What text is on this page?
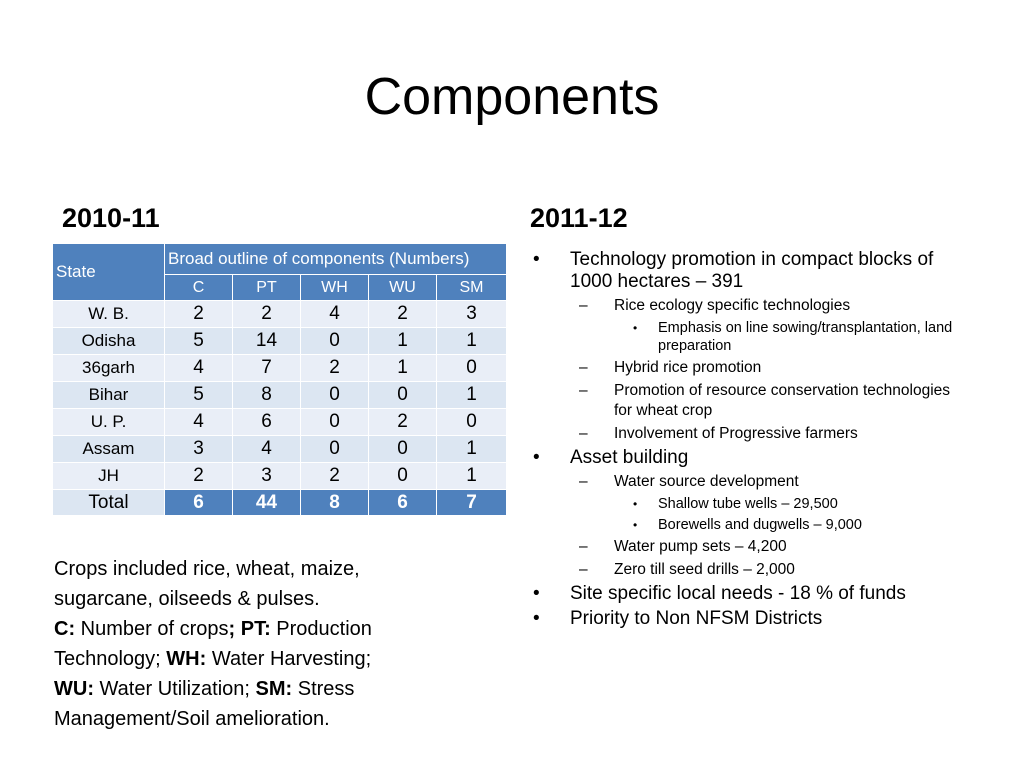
Components
2010-11	2011-12
State	Broad outline of components (Numbers)				
	C	PT	WH	WU	SM
W. B.	2	2	4	2	3
Odisha	5	14	0	1	1
36garh	4	7	2	1	0
Bihar	5	8	0	0	1
U. P.	4	6	0	2	0
Assam	3	4	0	0	1
JH	2	3	2	0	1
Total	6	44	8	6	7

Crops included rice, wheat, maize, sugarcane, oilseeds & pulses.

C: Number of crops; PT: Production Technology; WH: Water Harvesting;
WU: Water Utilization; SM: Stress Management/Soil amelioration.

• Technology promotion in compact blocks of 1000 hectares – 391
– Rice ecology specific technologies
• Emphasis on line sowing/transplantation, land preparation
– Hybrid rice promotion
– Promotion of resource conservation technologies for wheat crop
– Involvement of Progressive farmers
• Asset building
– Water source development
• Shallow tube wells – 29,500
• Borewells and dugwells – 9,000
– Water pump sets – 4,200
– Zero till seed drills – 2,000
• Site specific local needs - 18 % of funds
• Priority to Non NFSM Districts
